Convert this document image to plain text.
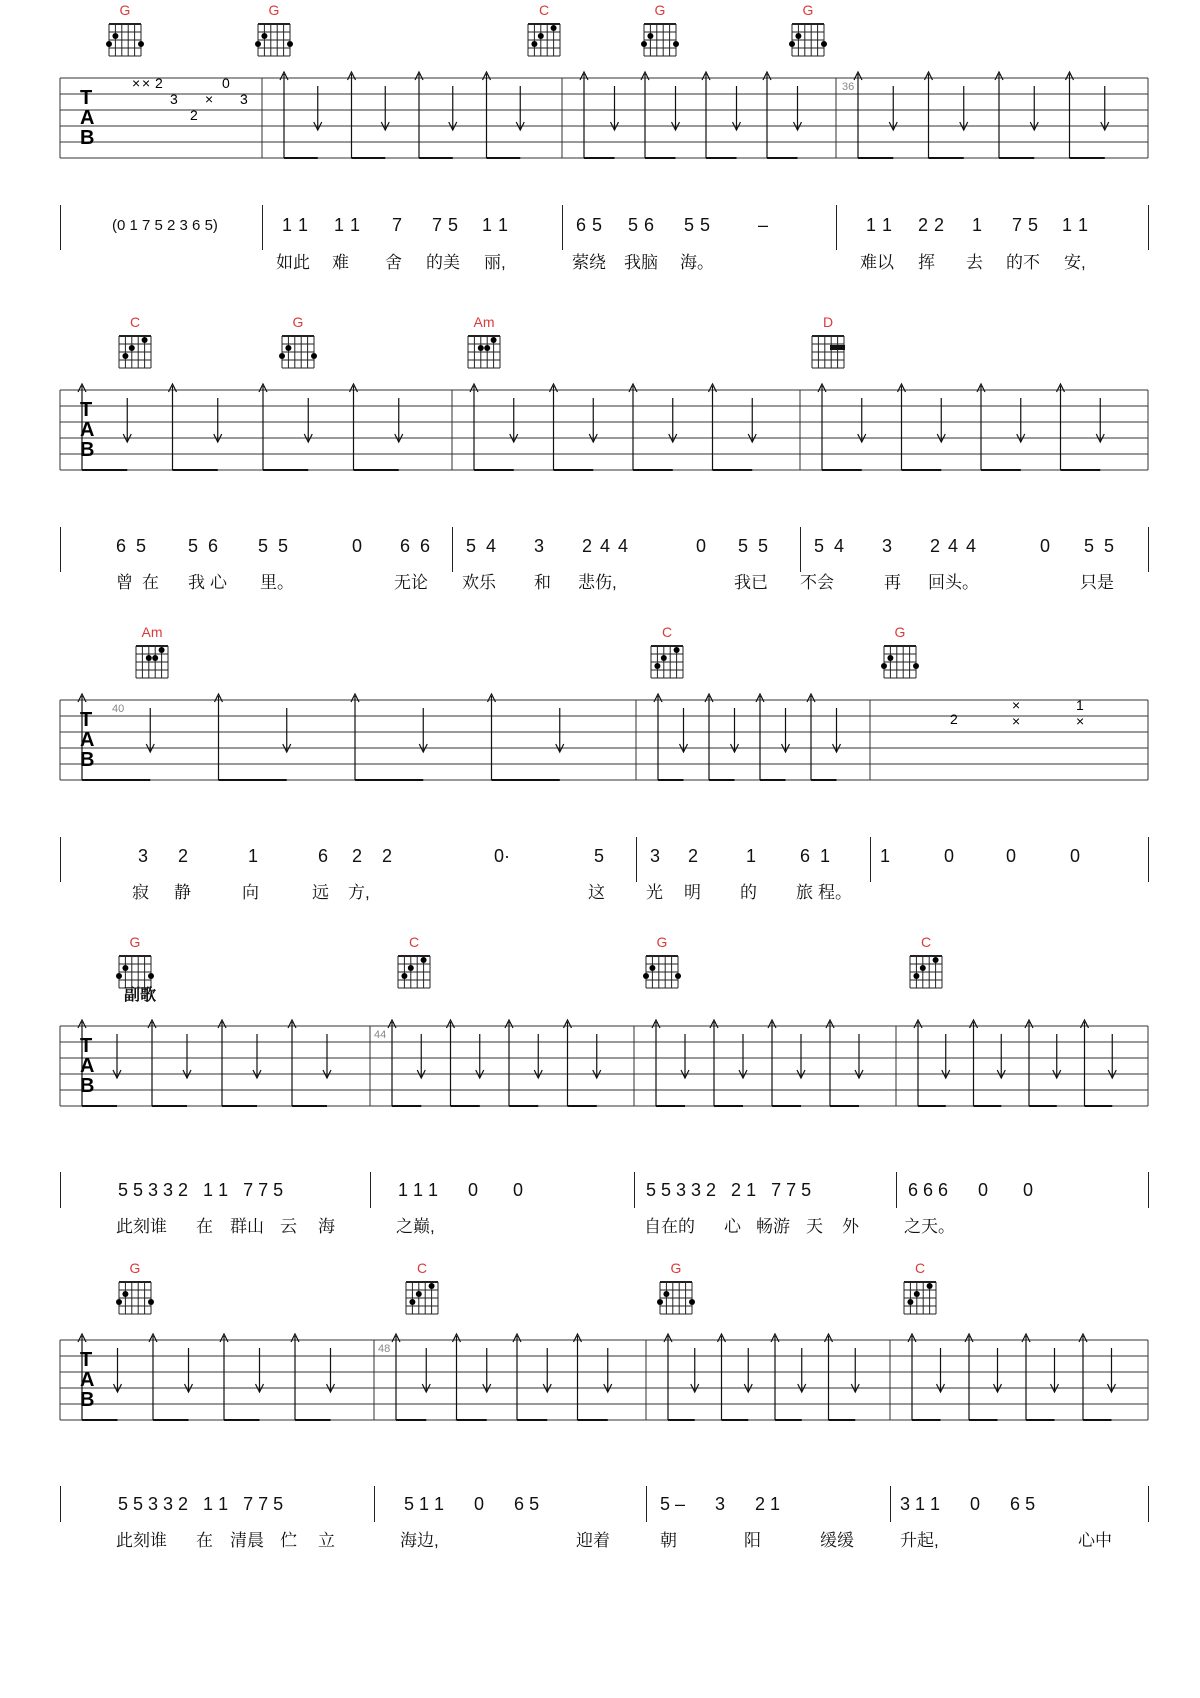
G	G	C	G	G
T
A
B
36
× × 2
3
2
×
0
3
(0 1 7 5 2 3 6 5)	1 1 1 1 7 7 5 1 1	6 5 5 6 5 5	–	1 1 2 2 1 7 5 1 1
如此 难 舍 的美 丽,	萦绕 我脑 海。	难以 挥 去 的不 安,
C	G	Am	D
T
A
B
6 5 5 6 5 5	0 6 6 5 4 3 2 4 4	0 5 5	5 4 3 2 4 4	0 5 5
曾 在 我 心 里。	无论 欢乐 和 悲伤,	我已 不会	再 回头。	只是
Am	C	G
T
A
B
40
2
×
×
1
×
3 2	1	6 2 2	0·	5	3 2	1 6 1	1	0	0	0
寂 静	向	远 方,	这 光 明 的 旅 程。
G
副歌
C	G	C
T
A
B
44
5 5 3 3 2   1 1   7 7 5	1 1 1      0       0	5 5 3 3 2   2 1   7 7 5	6 6 6      0       0
此刻谁 在 群山 云 海	之巅,	自在的 心 畅游 天 外	之天。
G	C	G	C
T
A
B
48
5 5 3 3 2   1 1   7 7 5	5 1 1      0      6 5	5 –      3      2 1	3 1 1      0      6 5
此刻谁 在 清晨 伫 立	海边,	迎着	朝	阳	缓缓	升起,	心中
